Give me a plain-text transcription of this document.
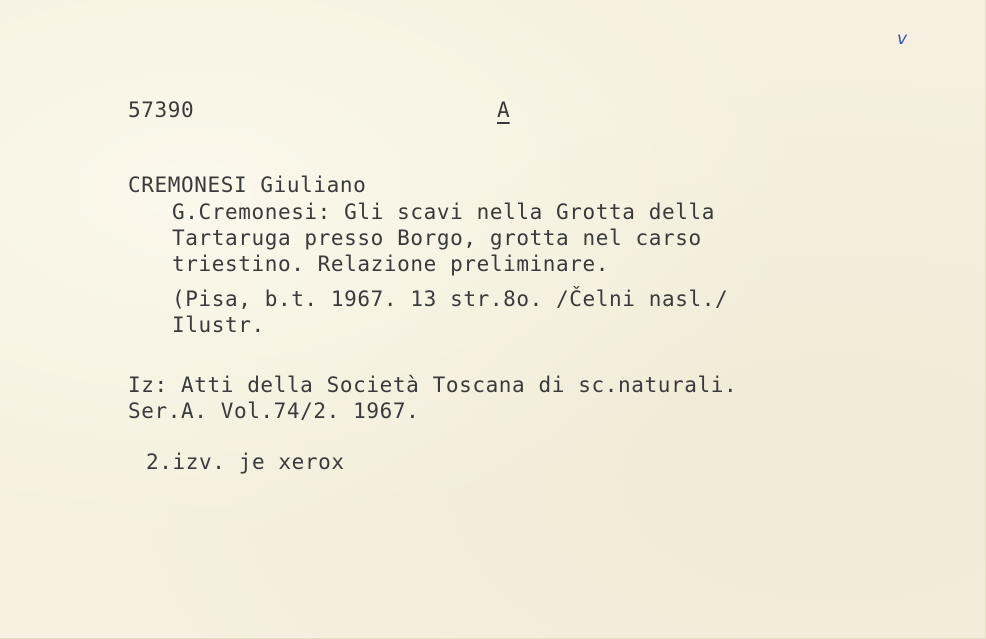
v
57390	A
CREMONESI Giuliano
G.Cremonesi: Gli scavi nella Grotta della
Tartaruga presso Borgo, grotta nel carso
triestino. Relazione preliminare.
(Pisa, b.t. 1967. 13 str.8o. /Čelni nasl./
Ilustr.
Iz: Atti della Società Toscana di sc.naturali.
Ser.A. Vol.74/2. 1967.
2.izv. je xerox
